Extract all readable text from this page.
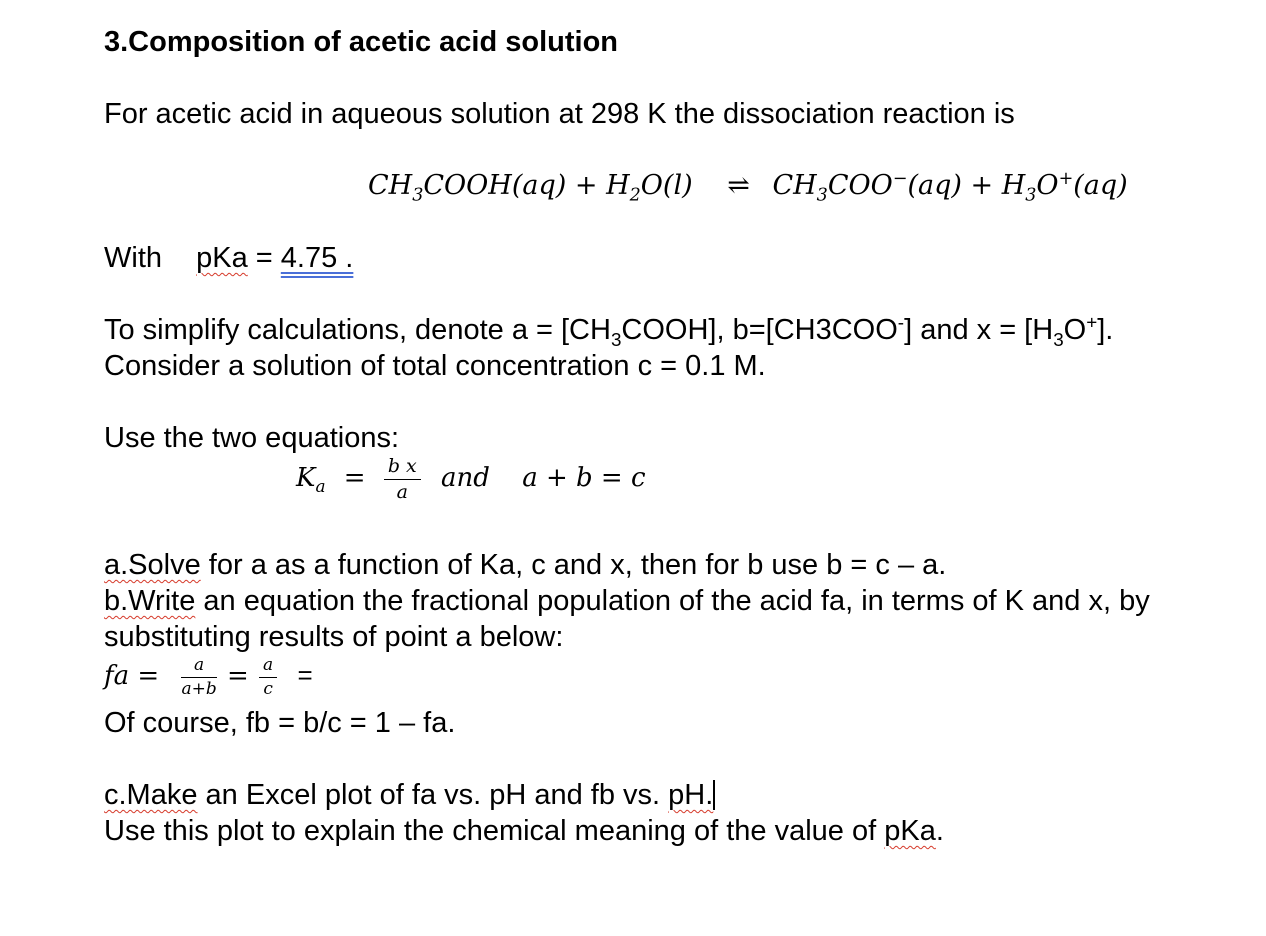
3.Composition of acetic acid solution
For acetic acid in aqueous solution at 298 K the dissociation reaction is
$CH_3COOH(aq) + H_2O(l)$ ⇌ $CH_3COO^-(aq) + H_3O^+(aq)$
With pKa = 4.75 .
To simplify calculations, denote $a = [CH_3COOH]$, b=[CH3COO-] and $x = [H_3O^+]$.
Consider a solution of total concentration c = 0.1 M.
Use the two equations:
$K_a = \frac{\text{b x}}{a}$ and a + b = c
a.Solve for a as a function of Ka, c and x, then for b use b = c – a.
b.Write an equation the fractional population of the acid fa, in terms of K and x, by
substituting results of point a below:
fa = $\frac{a}{a+b} = \frac{a}{c}$ =
Of course, fb = b/c = 1 – fa.
c.Make an Excel plot of fa vs. pH and fb vs. pH.
Use this plot to explain the chemical meaning of the value of pKa.
